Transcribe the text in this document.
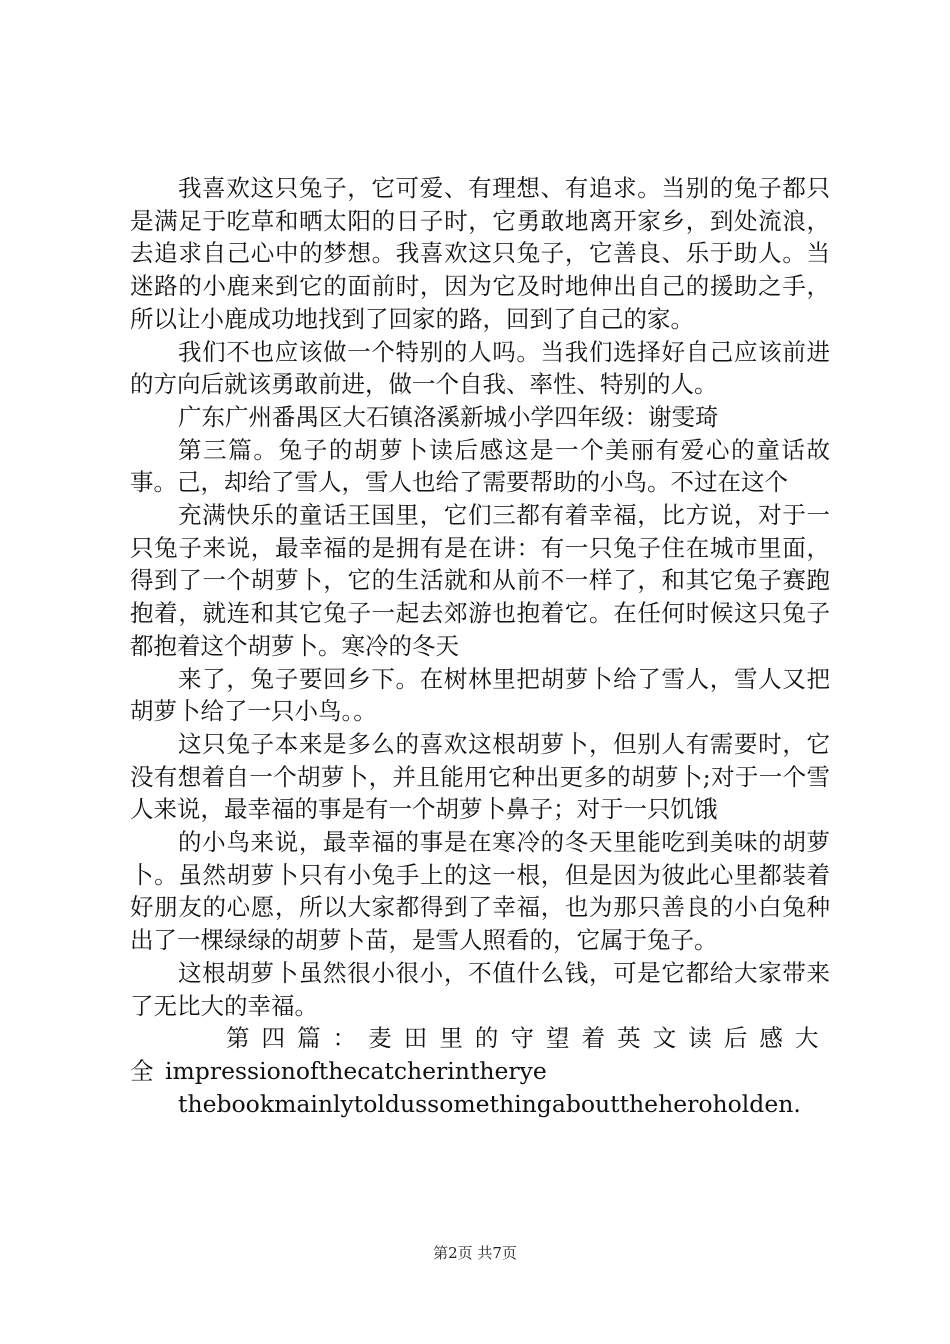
我喜欢这只兔子，它可爱、有理想、有追求。当别的兔子都只是满足于吃草和晒太阳的日子时，它勇敢地离开家乡，到处流浪，去追求自己心中的梦想。我喜欢这只兔子，它善良、乐于助人。当迷路的小鹿来到它的面前时，因为它及时地伸出自己的援助之手，所以让小鹿成功地找到了回家的路，回到了自己的家。

我们不也应该做一个特别的人吗。当我们选择好自己应该前进的方向后就该勇敢前进，做一个自我、率性、特别的人。

广东广州番禺区大石镇洛溪新城小学四年级：谢雯琦

第三篇。兔子的胡萝卜读后感这是一个美丽有爱心的童话故事。己，却给了雪人，雪人也给了需要帮助的小鸟。不过在这个

充满快乐的童话王国里，它们三都有着幸福，比方说，对于一只兔子来说，最幸福的是拥有是在讲：有一只兔子住在城市里面，得到了一个胡萝卜，它的生活就和从前不一样了，和其它兔子赛跑抱着，就连和其它兔子一起去郊游也抱着它。在任何时候这只兔子都抱着这个胡萝卜。寒冷的冬天

来了，兔子要回乡下。在树林里把胡萝卜给了雪人，雪人又把胡萝卜给了一只小鸟。。

这只兔子本来是多么的喜欢这根胡萝卜，但别人有需要时，它没有想着自一个胡萝卜，并且能用它种出更多的胡萝卜;对于一个雪人来说，最幸福的事是有一个胡萝卜鼻子；对于一只饥饿

的小鸟来说，最幸福的事是在寒冷的冬天里能吃到美味的胡萝卜。虽然胡萝卜只有小兔手上的这一根，但是因为彼此心里都装着好朋友的心愿，所以大家都得到了幸福，也为那只善良的小白兔种出了一棵绿绿的胡萝卜苗，是雪人照看的，它属于兔子。

这根胡萝卜虽然很小很小，不值什么钱，可是它都给大家带来了无比大的幸福。

第四篇：麦田里的守望着英文读后感大全impressionofthecatcherintherye

thebookmainlytoldussomethingabouttheheroholden.

第2页 共7页
